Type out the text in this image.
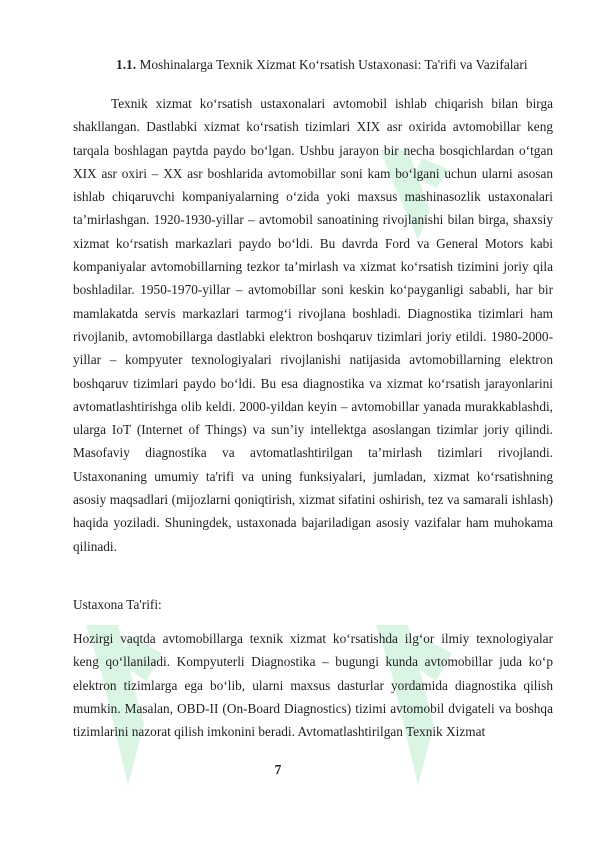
1.1. Moshinalarga Texnik Xizmat Ko‘rsatish Ustaxonasi: Ta'rifi va Vazifalari

Texnik xizmat ko‘rsatish ustaxonalari avtomobil ishlab chiqarish bilan birga shakllangan. Dastlabki xizmat ko‘rsatish tizimlari XIX asr oxirida avtomobillar keng tarqala boshlagan paytda paydo bo‘lgan. Ushbu jarayon bir necha bosqichlardan o‘tgan XIX asr oxiri – XX asr boshlarida avtomobillar soni kam bo‘lgani uchun ularni asosan ishlab chiqaruvchi kompaniyalarning o‘zida yoki maxsus mashinasozlik ustaxonalari ta’mirlashgan. 1920-1930-yillar – avtomobil sanoatining rivojlanishi bilan birga, shaxsiy xizmat ko‘rsatish markazlari paydo bo‘ldi. Bu davrda Ford va General Motors kabi kompaniyalar avtomobillarning tezkor ta’mirlash va xizmat ko‘rsatish tizimini joriy qila boshladilar. 1950-1970-yillar – avtomobillar soni keskin ko‘payganligi sababli, har bir mamlakatda servis markazlari tarmog‘i rivojlana boshladi. Diagnostika tizimlari ham rivojlanib, avtomobillarga dastlabki elektron boshqaruv tizimlari joriy etildi. 1980-2000-yillar – kompyuter texnologiyalari rivojlanishi natijasida avtomobillarning elektron boshqaruv tizimlari paydo bo‘ldi. Bu esa diagnostika va xizmat ko‘rsatish jarayonlarini avtomatlashtirishga olib keldi. 2000-yildan keyin – avtomobillar yanada murakkablashdi, ularga IoT (Internet of Things) va sun’iy intellektga asoslangan tizimlar joriy qilindi. Masofaviy diagnostika va avtomatlashtirilgan ta’mirlash tizimlari rivojlandi. Ustaxonaning umumiy ta'rifi va uning funksiyalari, jumladan, xizmat ko‘rsatishning asosiy maqsadlari (mijozlarni qoniqtirish, xizmat sifatini oshirish, tez va samarali ishlash) haqida yoziladi. Shuningdek, ustaxonada bajariladigan asosiy vazifalar ham muhokama qilinadi.

Ustaxona Ta'rifi:

Hozirgi vaqtda avtomobillarga texnik xizmat ko‘rsatishda ilg‘or ilmiy texnologiyalar keng qo‘llaniladi. Kompyuterli Diagnostika – bugungi kunda avtomobillar juda ko‘p elektron tizimlarga ega bo‘lib, ularni maxsus dasturlar yordamida diagnostika qilish mumkin. Masalan, OBD-II (On-Board Diagnostics) tizimi avtomobil dvigateli va boshqa tizimlarini nazorat qilish imkonini beradi. Avtomatlashtirilgan Texnik Xizmat

7
